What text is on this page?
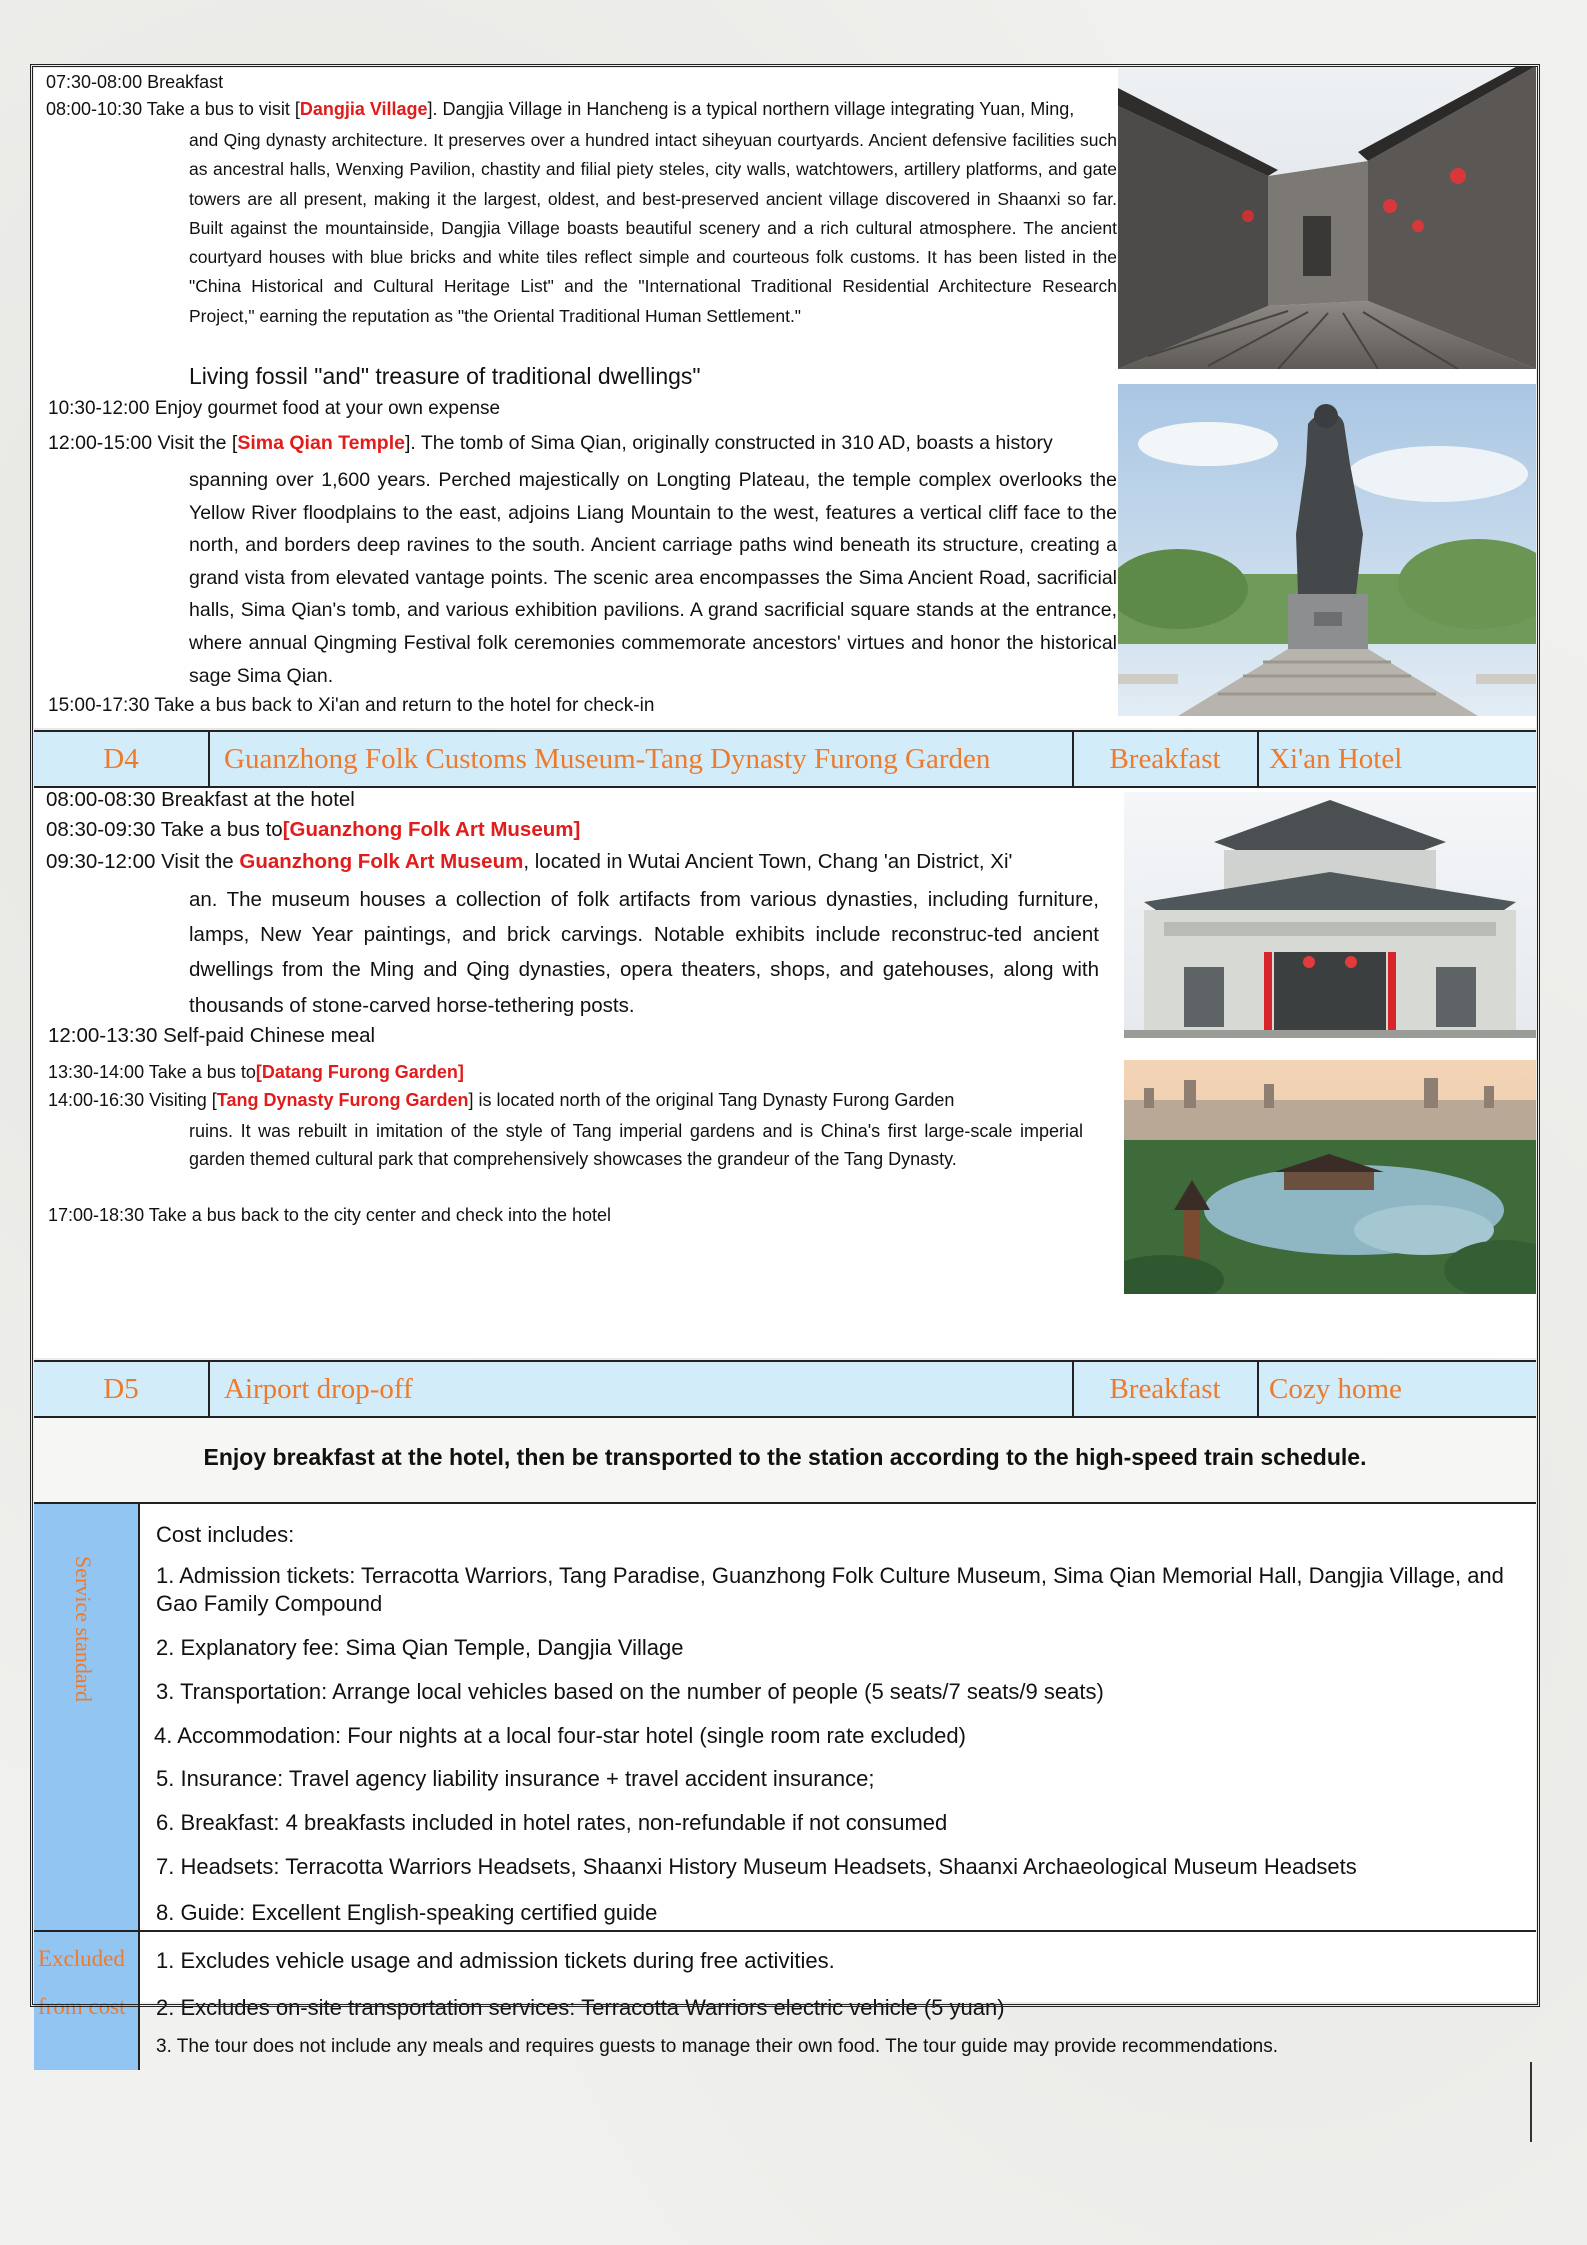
07:30-08:00 Breakfast
08:00-10:30 Take a bus to visit [Dangjia Village]. Dangjia Village in Hancheng is a typical northern village integrating Yuan, Ming,
and Qing dynasty architecture. It preserves over a hundred intact siheyuan courtyards. Ancient defensive facilities such as ancestral halls, Wenxing Pavilion, chastity and filial piety steles, city walls, watchtowers, artillery platforms, and gate towers are all present, making it the largest, oldest, and best-preserved ancient village discovered in Shaanxi so far. Built against the mountainside, Dangjia Village boasts beautiful scenery and a rich cultural atmosphere. The ancient courtyard houses with blue bricks and white tiles reflect simple and courteous folk customs. It has been listed in the "China Historical and Cultural Heritage List" and the "International Traditional Residential Architecture Research Project," earning the reputation as "the Oriental Traditional Human Settlement."
Living fossil "and" treasure of traditional dwellings"
10:30-12:00 Enjoy gourmet food at your own expense
12:00-15:00 Visit the [Sima Qian Temple]. The tomb of Sima Qian, originally constructed in 310 AD, boasts a history
spanning over 1,600 years. Perched majestically on Longting Plateau, the temple complex overlooks the Yellow River floodplains to the east, adjoins Liang Mountain to the west, features a vertical cliff face to the north, and borders deep ravines to the south. Ancient carriage paths wind beneath its structure, creating a grand vista from elevated vantage points. The scenic area encompasses the Sima Ancient Road, sacrificial halls, Sima Qian's tomb, and various exhibition pavilions. A grand sacrificial square stands at the entrance, where annual Qingming Festival folk ceremonies commemorate ancestors' virtues and honor the historical sage Sima Qian.
15:00-17:30 Take a bus back to Xi'an and return to the hotel for check-in
D4	Guanzhong Folk Customs Museum-Tang Dynasty Furong Garden	Breakfast	Xi'an Hotel
08:00-08:30 Breakfast at the hotel
08:30-09:30 Take a bus to[Guanzhong Folk Art Museum]
09:30-12:00 Visit the Guanzhong Folk Art Museum, located in Wutai Ancient Town, Chang 'an District, Xi'
an. The museum houses a collection of folk artifacts from various dynasties, including furniture, lamps, New Year paintings, and brick carvings. Notable exhibits include reconstruc-ted ancient dwellings from the Ming and Qing dynasties, opera theaters, shops, and gatehouses, along with thousands of stone-carved horse-tethering posts.
12:00-13:30 Self-paid Chinese meal
13:30-14:00 Take a bus to[Datang Furong Garden]
14:00-16:30 Visiting [Tang Dynasty Furong Garden] is located north of the original Tang Dynasty Furong Garden
ruins. It was rebuilt in imitation of the style of Tang imperial gardens and is China's first large-scale imperial garden themed cultural park that comprehensively showcases the grandeur of the Tang Dynasty.
17:00-18:30 Take a bus back to the city center and check into the hotel
D5	Airport drop-off	Breakfast	Cozy home
Enjoy breakfast at the hotel, then be transported to the station according to the high-speed train schedule.
Service standard
Cost includes:
1. Admission tickets: Terracotta Warriors, Tang Paradise, Guanzhong Folk Culture Museum, Sima Qian Memorial Hall, Dangjia Village, and Gao Family Compound
2. Explanatory fee: Sima Qian Temple, Dangjia Village
3. Transportation: Arrange local vehicles based on the number of people (5 seats/7 seats/9 seats)
4. Accommodation: Four nights at a local four-star hotel (single room rate excluded)
5. Insurance: Travel agency liability insurance + travel accident insurance;
6. Breakfast: 4 breakfasts included in hotel rates, non-refundable if not consumed
7. Headsets: Terracotta Warriors Headsets, Shaanxi History Museum Headsets, Shaanxi Archaeological Museum Headsets
8. Guide: Excellent English-speaking certified guide
Excluded
from cost
1. Excludes vehicle usage and admission tickets during free activities.
2. Excludes on-site transportation services: Terracotta Warriors electric vehicle (5 yuan)
3. The tour does not include any meals and requires guests to manage their own food. The tour guide may provide recommendations.
